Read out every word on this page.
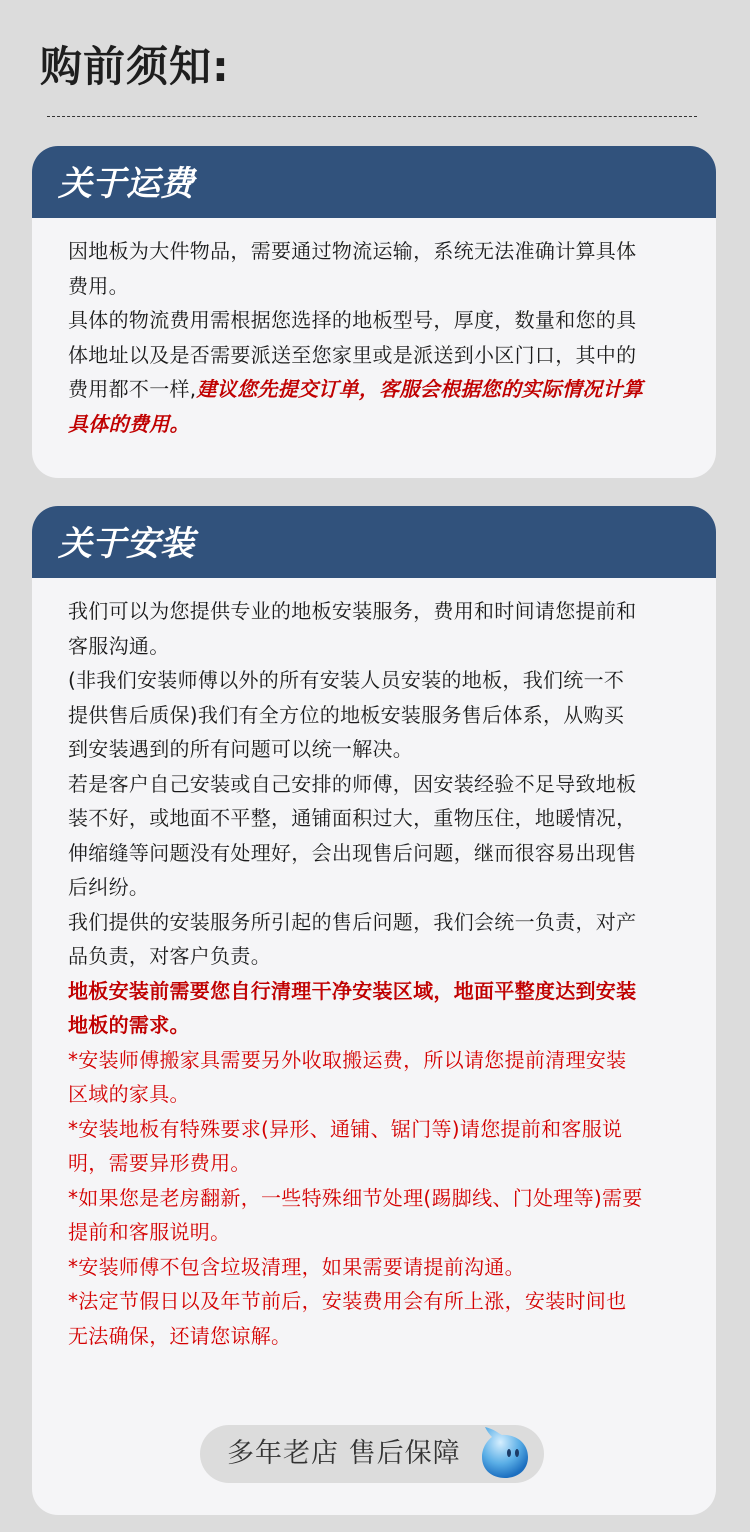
购前须知:
关于运费
因地板为大件物品，需要通过物流运输，系统无法准确计算具体
费用。
具体的物流费用需根据您选择的地板型号，厚度，数量和您的具
体地址以及是否需要派送至您家里或是派送到小区门口，其中的
费用都不一样,建议您先提交订单，客服会根据您的实际情况计算
具体的费用。
关于安装
我们可以为您提供专业的地板安装服务，费用和时间请您提前和
客服沟通。
(非我们安装师傅以外的所有安装人员安装的地板，我们统一不
提供售后质保)我们有全方位的地板安装服务售后体系，从购买
到安装遇到的所有问题可以统一解决。
若是客户自己安装或自己安排的师傅，因安装经验不足导致地板
装不好，或地面不平整，通铺面积过大，重物压住，地暖情况，
伸缩缝等问题没有处理好，会出现售后问题，继而很容易出现售
后纠纷。
我们提供的安装服务所引起的售后问题，我们会统一负责，对产
品负责，对客户负责。
地板安装前需要您自行清理干净安装区域，地面平整度达到安装
地板的需求。
*安装师傅搬家具需要另外收取搬运费，所以请您提前清理安装
区域的家具。
*安装地板有特殊要求(异形、通铺、锯门等)请您提前和客服说
明，需要异形费用。
*如果您是老房翻新，一些特殊细节处理(踢脚线、门处理等)需要
提前和客服说明。
*安装师傅不包含垃圾清理，如果需要请提前沟通。
*法定节假日以及年节前后，安装费用会有所上涨，安装时间也
无法确保，还请您谅解。
多年老店 售后保障
